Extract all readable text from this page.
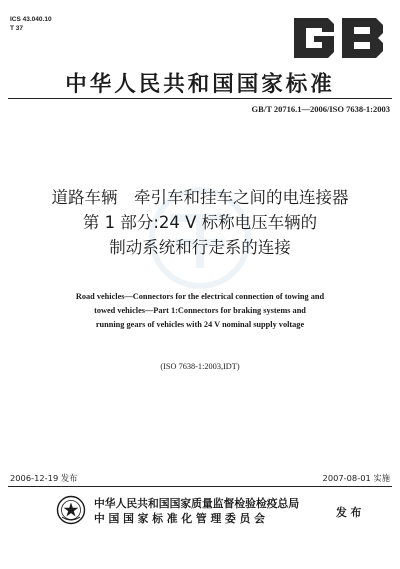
ICS 43.040.10
T 37
GB
中华人民共和国国家标准
GB/T 20716.1—2006/ISO 7638-1:2003
道路车辆　牵引车和挂车之间的电连接器
第 1 部分:24 V 标称电压车辆的
制动系统和行走系的连接
Road vehicles—Connectors for the electrical connection of towing and
towed vehicles—Part 1:Connectors for braking systems and
running gears of vehicles with 24 V nominal supply voltage
(ISO 7638-1:2003,IDT)
2006-12-19 发布	2007-08-01 实施
中华人民共和国国家质量监督检验检疫总局
中 国 国 家 标 准 化 管 理 委 员 会	发 布
